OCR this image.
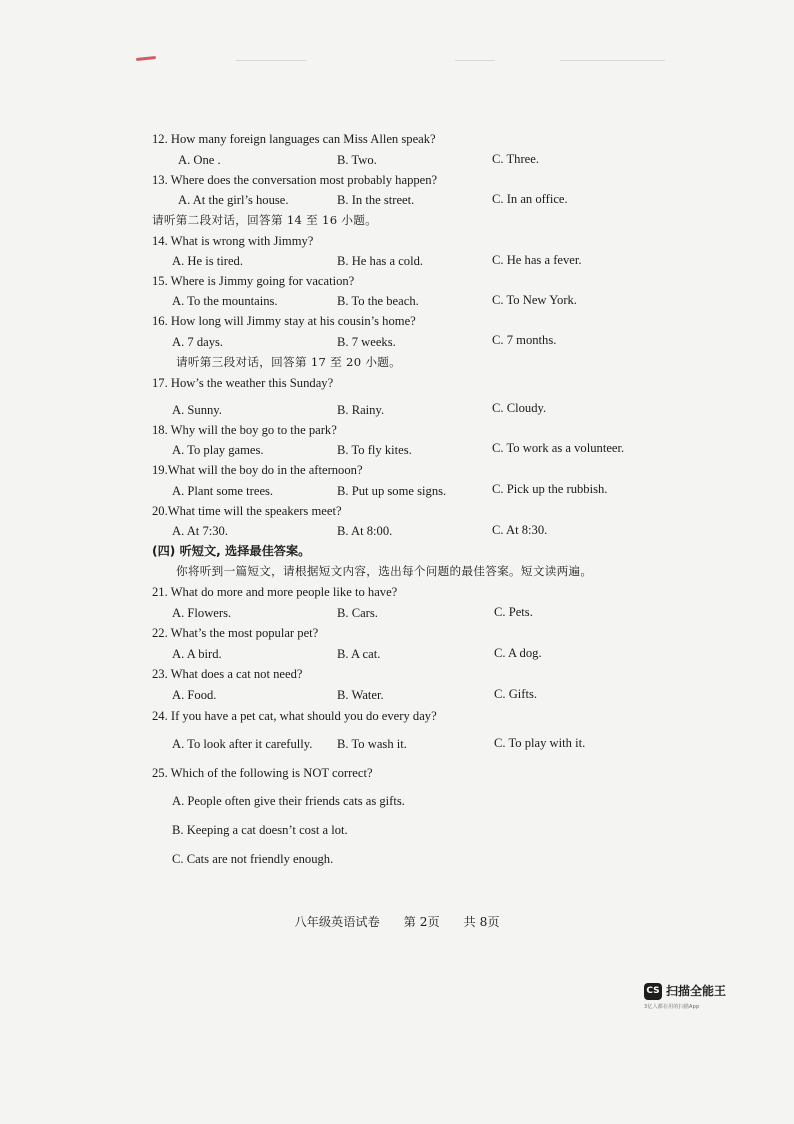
12. How many foreign languages can Miss Allen speak?
A. One .	B. Two.	C. Three.
13. Where does the conversation most probably happen?
A. At the girl’s house.	B. In the street.	C. In an office.
请听第二段对话，回答第 14 至 16 小题。
14. What is wrong with Jimmy?
A. He is tired.	B. He has a cold.	C. He has a fever.
15. Where is Jimmy going for vacation?
A. To the mountains.	B. To the beach.	C. To New York.
16. How long will Jimmy stay at his cousin’s home?
A. 7 days.	B. 7 weeks.	C. 7 months.
请听第三段对话，回答第 17 至 20 小题。
17. How’s the weather this Sunday?
A. Sunny.	B. Rainy.	C. Cloudy.
18. Why will the boy go to the park?
A. To play games.	B. To fly kites.	C. To work as a volunteer.
19.What will the boy do in the afternoon?
A. Plant some trees.	B. Put up some signs.	C. Pick up the rubbish.
20.What time will the speakers meet?
A. At 7:30.	B. At 8:00.	C. At 8:30.
(四) 听短文, 选择最佳答案。
你将听到一篇短文，请根据短文内容，选出每个问题的最佳答案。短文读两遍。
21. What do more and more people like to have?
A. Flowers.	B. Cars.	C. Pets.
22. What’s the most popular pet?
A. A bird.	B. A cat.	C. A dog.
23. What does a cat not need?
A. Food.	B. Water.	C. Gifts.
24. If you have a pet cat, what should you do every day?
A. To look after it carefully. B. To wash it.	C. To play with it.
25. Which of the following is NOT correct?
A. People often give their friends cats as gifts.
B. Keeping a cat doesn’t cost a lot.
C. Cats are not friendly enough.
八年级英语试卷 第 2页 共 8页
CS 扫描全能王
3亿人都在用的扫描App
